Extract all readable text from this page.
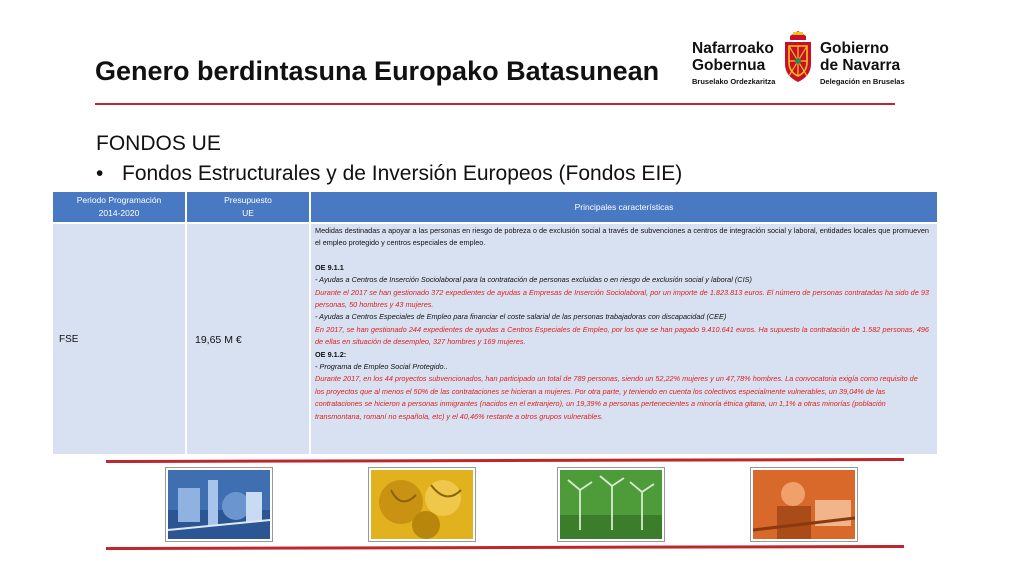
Genero berdintasuna Europako Batasunean
Nafarroako
Gobernua
Bruselako Ordezkaritza
Gobierno
de Navarra
Delegación en Bruselas
FONDOS UE
• Fondos Estructurales y de Inversión Europeos (Fondos EIE)
Periodo Programación
2014-2020
Presupuesto
UE
Principales características
FSE	19,65 M €

Medidas destinadas a apoyar a las personas en riesgo de pobreza o de exclusión social a través de subvenciones a centros de integración social y laboral, entidades locales que promueven el empleo protegido y centros especiales de empleo.

OE 9.1.1

- Ayudas a Centros de Inserción Sociolaboral para la contratación de personas excluidas o en riesgo de exclusión social y laboral (CIS)

Durante el 2017 se han gestionado 372 expedientes de ayudas a Empresas de Inserción Sociolaboral, por un importe de 1.823.813 euros. El número de personas contratadas ha sido de 93 personas, 50 hombres y 43 mujeres.

- Ayudas a Centros Especiales de Empleo para financiar el coste salarial de las personas trabajadoras con discapacidad (CEE)

En 2017, se han gestionado 244 expedientes de ayudas a Centros Especiales de Empleo, por los que se han pagado 9.410.641 euros. Ha supuesto la contratación de 1.582 personas, 496 de ellas en situación de desempleo, 327 hombres y 169 mujeres.

OE 9.1.2:

- Programa de Empleo Social Protegido..

Durante 2017, en los 44 proyectos subvencionados, han participado un total de 789 personas, siendo un 52,22% mujeres y un 47,78% hombres. La convocatoria exigía como requisito de los proyectos que al menos el 50% de las contrataciones se hicieran a mujeres. Por otra parte, y teniendo en cuenta los colectivos especialmente vulnerables, un 39,04% de las contrataciones se hicieron a personas inmigrantes (nacidos en el extranjero), un 19,39% a personas pertenecientes a minoría étnica gitana, un 1,1% a otras minorías (población transmontana, romaní no española, etc) y el 40,46% restante a otros grupos vulnerables.
